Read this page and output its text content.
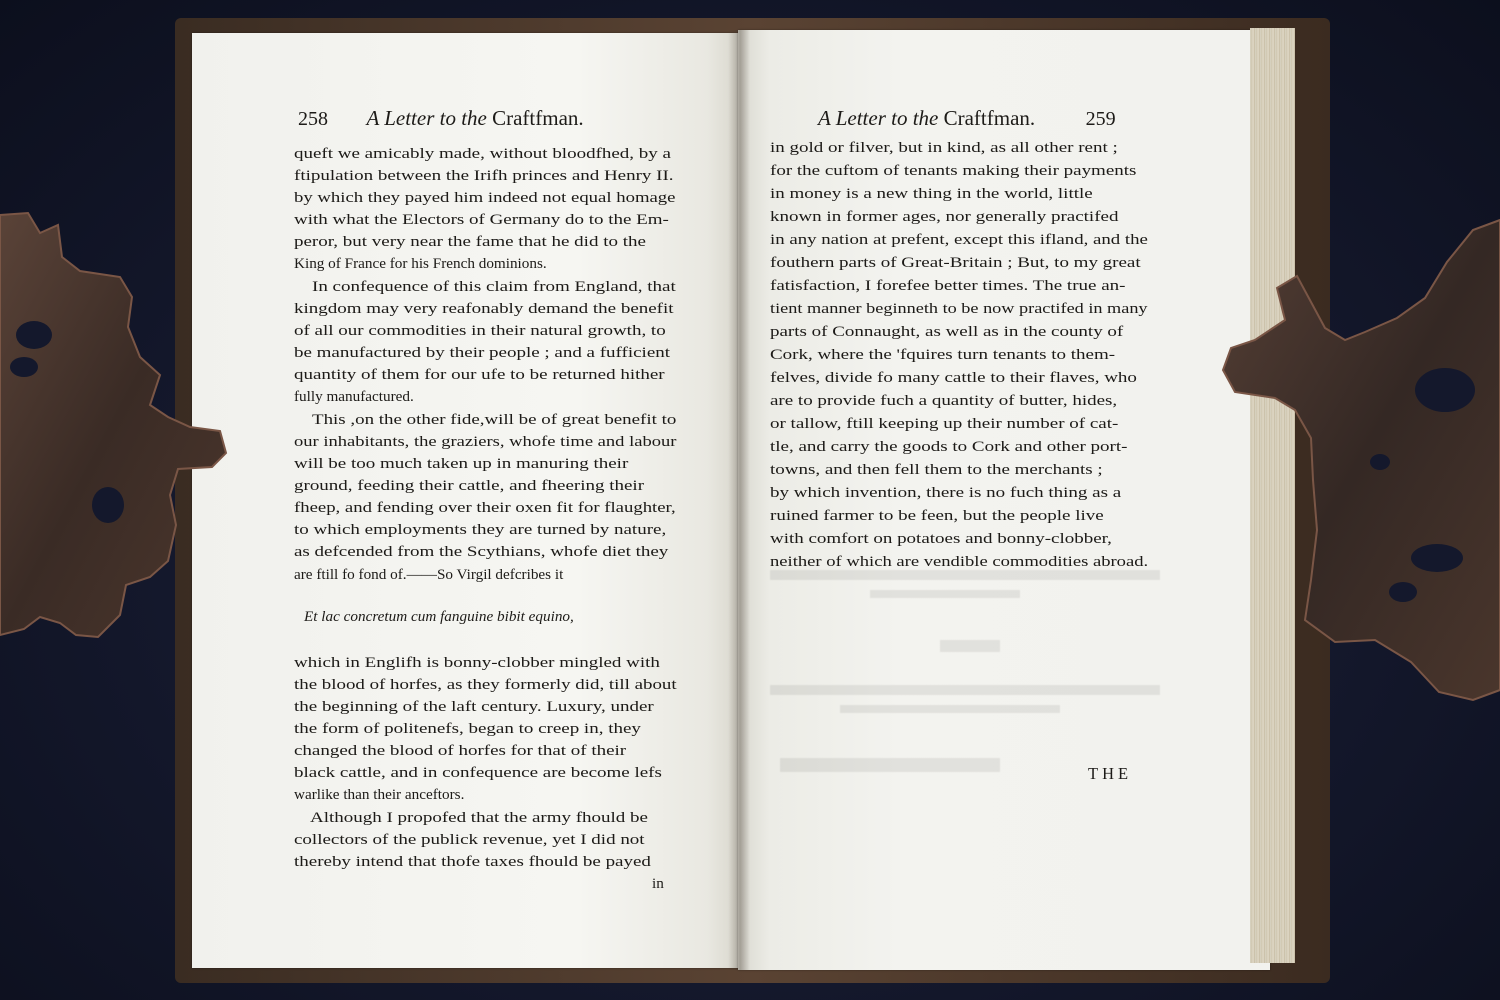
258 A Letter to the Craftfman.	A Letter to the Craftfman.	259
queft we amicably made, without bloodfhed, by a
ftipulation between the Irifh princes and Henry II.
by which they payed him indeed not equal homage
with what the Electors of Germany do to the Em-
peror, but very near the fame that he did to the
King of France for his French dominions.
In confequence of this claim from England, that
kingdom may very reafonably demand the benefit
of all our commodities in their natural growth, to
be manufactured by their people ; and a fufficient
quantity of them for our ufe to be returned hither
fully manufactured.
This ,on the other fide,will be of great benefit to
our inhabitants, the graziers, whofe time and labour
will be too much taken up in manuring their
ground, feeding their cattle, and fheering their
fheep, and fending over their oxen fit for flaughter,
to which employments they are turned by nature,
as defcended from the Scythians, whofe diet they
are ftill fo fond of.——So Virgil defcribes it
Et lac concretum cum fanguine bibit equino,
which in Englifh is bonny-clobber mingled with
the blood of horfes, as they formerly did, till about
the beginning of the laft century. Luxury, under
the form of politenefs, began to creep in, they
changed the blood of horfes for that of their
black cattle, and in confequence are become lefs
warlike than their anceftors.
Although I propofed that the army fhould be
collectors of the publick revenue, yet I did not
thereby intend that thofe taxes fhould be payed
in
in gold or filver, but in kind, as all other rent ;
for the cuftom of tenants making their payments
in money is a new thing in the world, little
known in former ages, nor generally practifed
in any nation at prefent, except this ifland, and the
fouthern parts of Great-Britain ; But, to my great
fatisfaction, I forefee better times. The true an-
tient manner beginneth to be now practifed in many
parts of Connaught, as well as in the county of
Cork, where the 'fquires turn tenants to them-
felves, divide fo many cattle to their flaves, who
are to provide fuch a quantity of butter, hides,
or tallow, ftill keeping up their number of cat-
tle, and carry the goods to Cork and other port-
towns, and then fell them to the merchants ;
by which invention, there is no fuch thing as a
ruined farmer to be feen, but the people live
with comfort on potatoes and bonny-clobber,
neither of which are vendible commodities abroad.
THE
